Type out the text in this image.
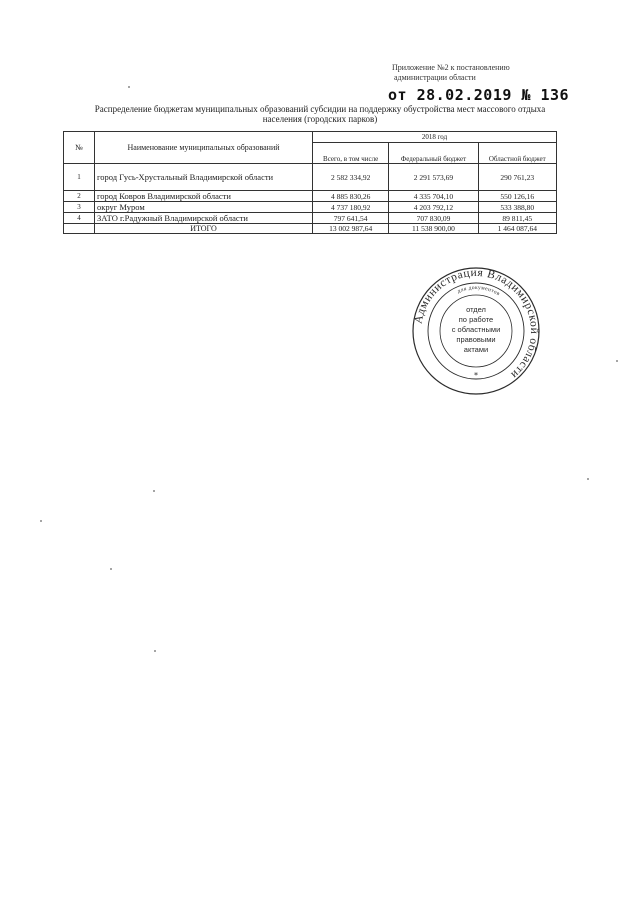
Приложение №2 к постановлению
администрации области
от 28.02.2019 № 136
Распределение бюджетам муниципальных образований субсидии на поддержку обустройства мест массового отдыха
населения (городских парков)
№	Наименование муниципальных образований	2018 год		
		Всего, в том числе	Федеральный бюджет	Областной бюджет
1	город Гусь-Хрустальный Владимирской области	2 582 334,92	2 291 573,69	290 761,23
2	город Ковров Владимирской области	4 885 830,26	4 335 704,10	550 126,16
3	округ Муром	4 737 180,92	4 203 792,12	533 388,80
4	ЗАТО г.Радужный Владимирской области	797 641,54	707 830,09	89 811,45
	ИТОГО	13 002 987,64	11 538 900,00	1 464 087,64
Администрация Владимирской области
для документов
отдел
по работе
с областными
правовыми
актами
*
